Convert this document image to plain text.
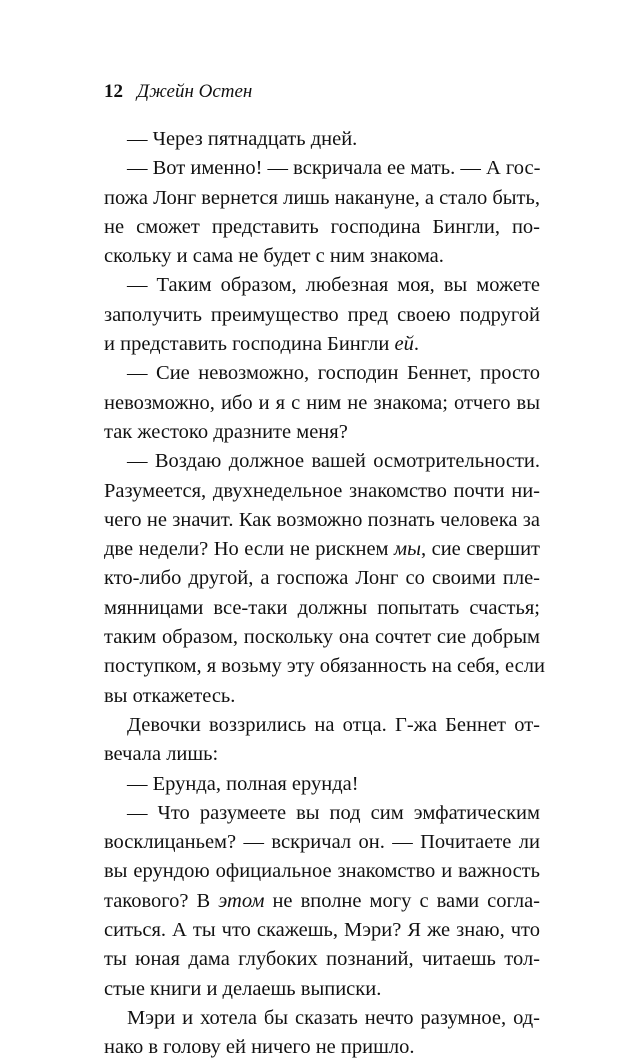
12 Джейн Остен
— Через пятнадцать дней.
— Вот именно! — вскричала ее мать. — А гос-
пожа Лонг вернется лишь накануне, а стало быть,
не сможет представить господина Бингли, по-
скольку и сама не будет с ним знакома.
— Таким образом, любезная моя, вы можете
заполучить преимущество пред своею подругой
и представить господина Бингли ей.
— Сие невозможно, господин Беннет, просто
невозможно, ибо и я с ним не знакома; отчего вы
так жестоко дразните меня?
— Воздаю должное вашей осмотрительности.
Разумеется, двухнедельное знакомство почти ни-
чего не значит. Как возможно познать человека за
две недели? Но если не рискнем мы, сие свершит
кто-либо другой, а госпожа Лонг со своими пле-
мянницами все-таки должны попытать счастья;
таким образом, поскольку она сочтет сие добрым
поступком, я возьму эту обязанность на себя, если
вы откажетесь.
Девочки воззрились на отца. Г-жа Беннет от-
вечала лишь:
— Ерунда, полная ерунда!
— Что разумеете вы под сим эмфатическим
восклицаньем? — вскричал он. — Почитаете ли
вы ерундою официальное знакомство и важность
такового? В этом не вполне могу с вами согла-
ситься. А ты что скажешь, Мэри? Я же знаю, что
ты юная дама глубоких познаний, читаешь тол-
стые книги и делаешь выписки.
Мэри и хотела бы сказать нечто разумное, од-
нако в голову ей ничего не пришло.
